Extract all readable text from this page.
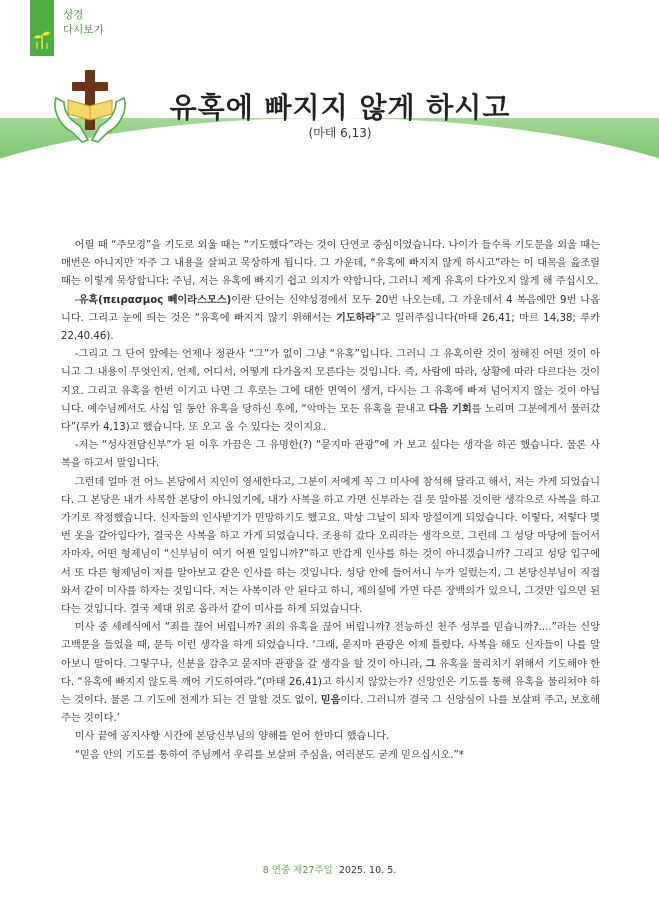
성경
다시보기
유혹에 빠지지 않게 하시고
(마태 6,13)
황봉철 베드로 신부 / 성서신학 박사

어릴 때 “주모경”을 기도로 외울 때는 “기도했다”라는 것이 단연코 중심이었습니다. 나이가 들수록 기도문을 외울 때는 매번은 아니지만 자주 그 내용을 살피고 묵상하게 됩니다. 그 가운데, “유혹에 빠지지 않게 하시고”라는 이 대목을 읊조릴 때는 이렇게 묵상합니다: 주님, 저는 유혹에 빠지기 쉽고 의지가 약합니다, 그러니 제게 유혹이 다가오지 않게 해 주십시오.

-유혹(πειρασμος 뻬이라스모스)이란 단어는 신약성경에서 모두 20번 나오는데, 그 가운데서 4 복음에만 9번 나옵니다. 그리고 눈에 띄는 것은 “유혹에 빠지지 않기 위해서는 기도하라”고 일러주십니다(마태 26,41; 마르 14,38; 루카 22,40.46).

-그리고 그 단어 앞에는 언제나 정관사 “그”가 없이 그냥 “유혹”입니다. 그러니 그 유혹이란 것이 정해진 어떤 것이 아니고 그 내용이 무엇인지, 언제, 어디서, 어떻게 다가올지 모른다는 것입니다. 즉, 사람에 따라, 상황에 따라 다르다는 것이지요. 그리고 유혹을 한번 이기고 나면 그 후로는 그에 대한 면역이 생겨, 다시는 그 유혹에 빠져 넘어지지 않는 것이 아닙니다. 예수님께서도 사십 일 동안 유혹을 당하신 후에, “악마는 모든 유혹을 끝내고 다음 기회를 노리며 그분에게서 물러갔다”(루카 4,13)고 했습니다. 또 오고 올 수 있다는 것이지요.

-저는 “성사전담신부”가 된 이후 가끔은 그 유명한(?) “묻지마 관광”에 가 보고 싶다는 생각을 하곤 했습니다. 물론 사복을 하고서 말입니다.

그런데 얼마 전 어느 본당에서 지인이 영세한다고, 그분이 저에게 꼭 그 미사에 참석해 달라고 해서, 저는 가게 되었습니다. 그 본당은 내가 사목한 본당이 아니었기에, 내가 사복을 하고 가면 신부라는 걸 못 알아볼 것이란 생각으로 사복을 하고 가기로 작정했습니다. 신자들의 인사받기가 민망하기도 했고요. 막상 그날이 되자 망설이게 되었습니다. 이렇다, 저렇다 몇 번 옷을 갈아입다가, 결국은 사복을 하고 가게 되었습니다. 조용히 갔다 오리라는 생각으로. 그런데 그 성당 마당에 들어서자마자, 어떤 형제님이 “신부님이 여기 어쩐 일입니까?”하고 반갑게 인사를 하는 것이 아니겠습니까? 그리고 성당 입구에서 또 다른 형제님이 저를 알아보고 같은 인사를 하는 것입니다. 성당 안에 들어서니 누가 일렀는지, 그 본당신부님이 직접 와서 같이 미사를 하자는 것입니다. 저는 사복이라 안 된다고 하니, 제의실에 가면 다른 장백의가 있으니, 그것만 입으면 된다는 것입니다. 결국 제대 위로 올라서 같이 미사를 하게 되었습니다.

미사 중 세례식에서 “죄를 끊어 버립니까? 죄의 유혹을 끊어 버립니까? 전능하신 천주 성부를 믿습니까?....”라는 신앙고백문을 들었을 때, 문득 이런 생각을 하게 되었습니다. ‘그래, 묻지마 관광은 이제 틀렸다. 사복을 해도 신자들이 나를 알아보니 말이다. 그렇구나, 신분을 감추고 묻지마 관광을 갈 생각을 할 것이 아니라, 그 유혹을 물리치기 위해서 기도해야 한다. “유혹에 빠지지 않도록 깨어 기도하여라.”(마태 26,41)고 하시지 않았는가? 신앙인은 기도를 통해 유혹을 물리쳐야 하는 것이다. 물론 그 기도에 전제가 되는 건 말할 것도 없이, 믿음이다. 그러니까 결국 그 신앙심이 나를 보살펴 주고, 보호해 주는 것이다.’

미사 끝에 공지사항 시간에 본당신부님의 양해를 얻어 한마디 했습니다.

“믿음 안의 기도를 통하여 주님께서 우리를 보살펴 주심을, 여러분도 굳게 믿으십시오.”*

8 연중 제27주일 2025. 10. 5.
